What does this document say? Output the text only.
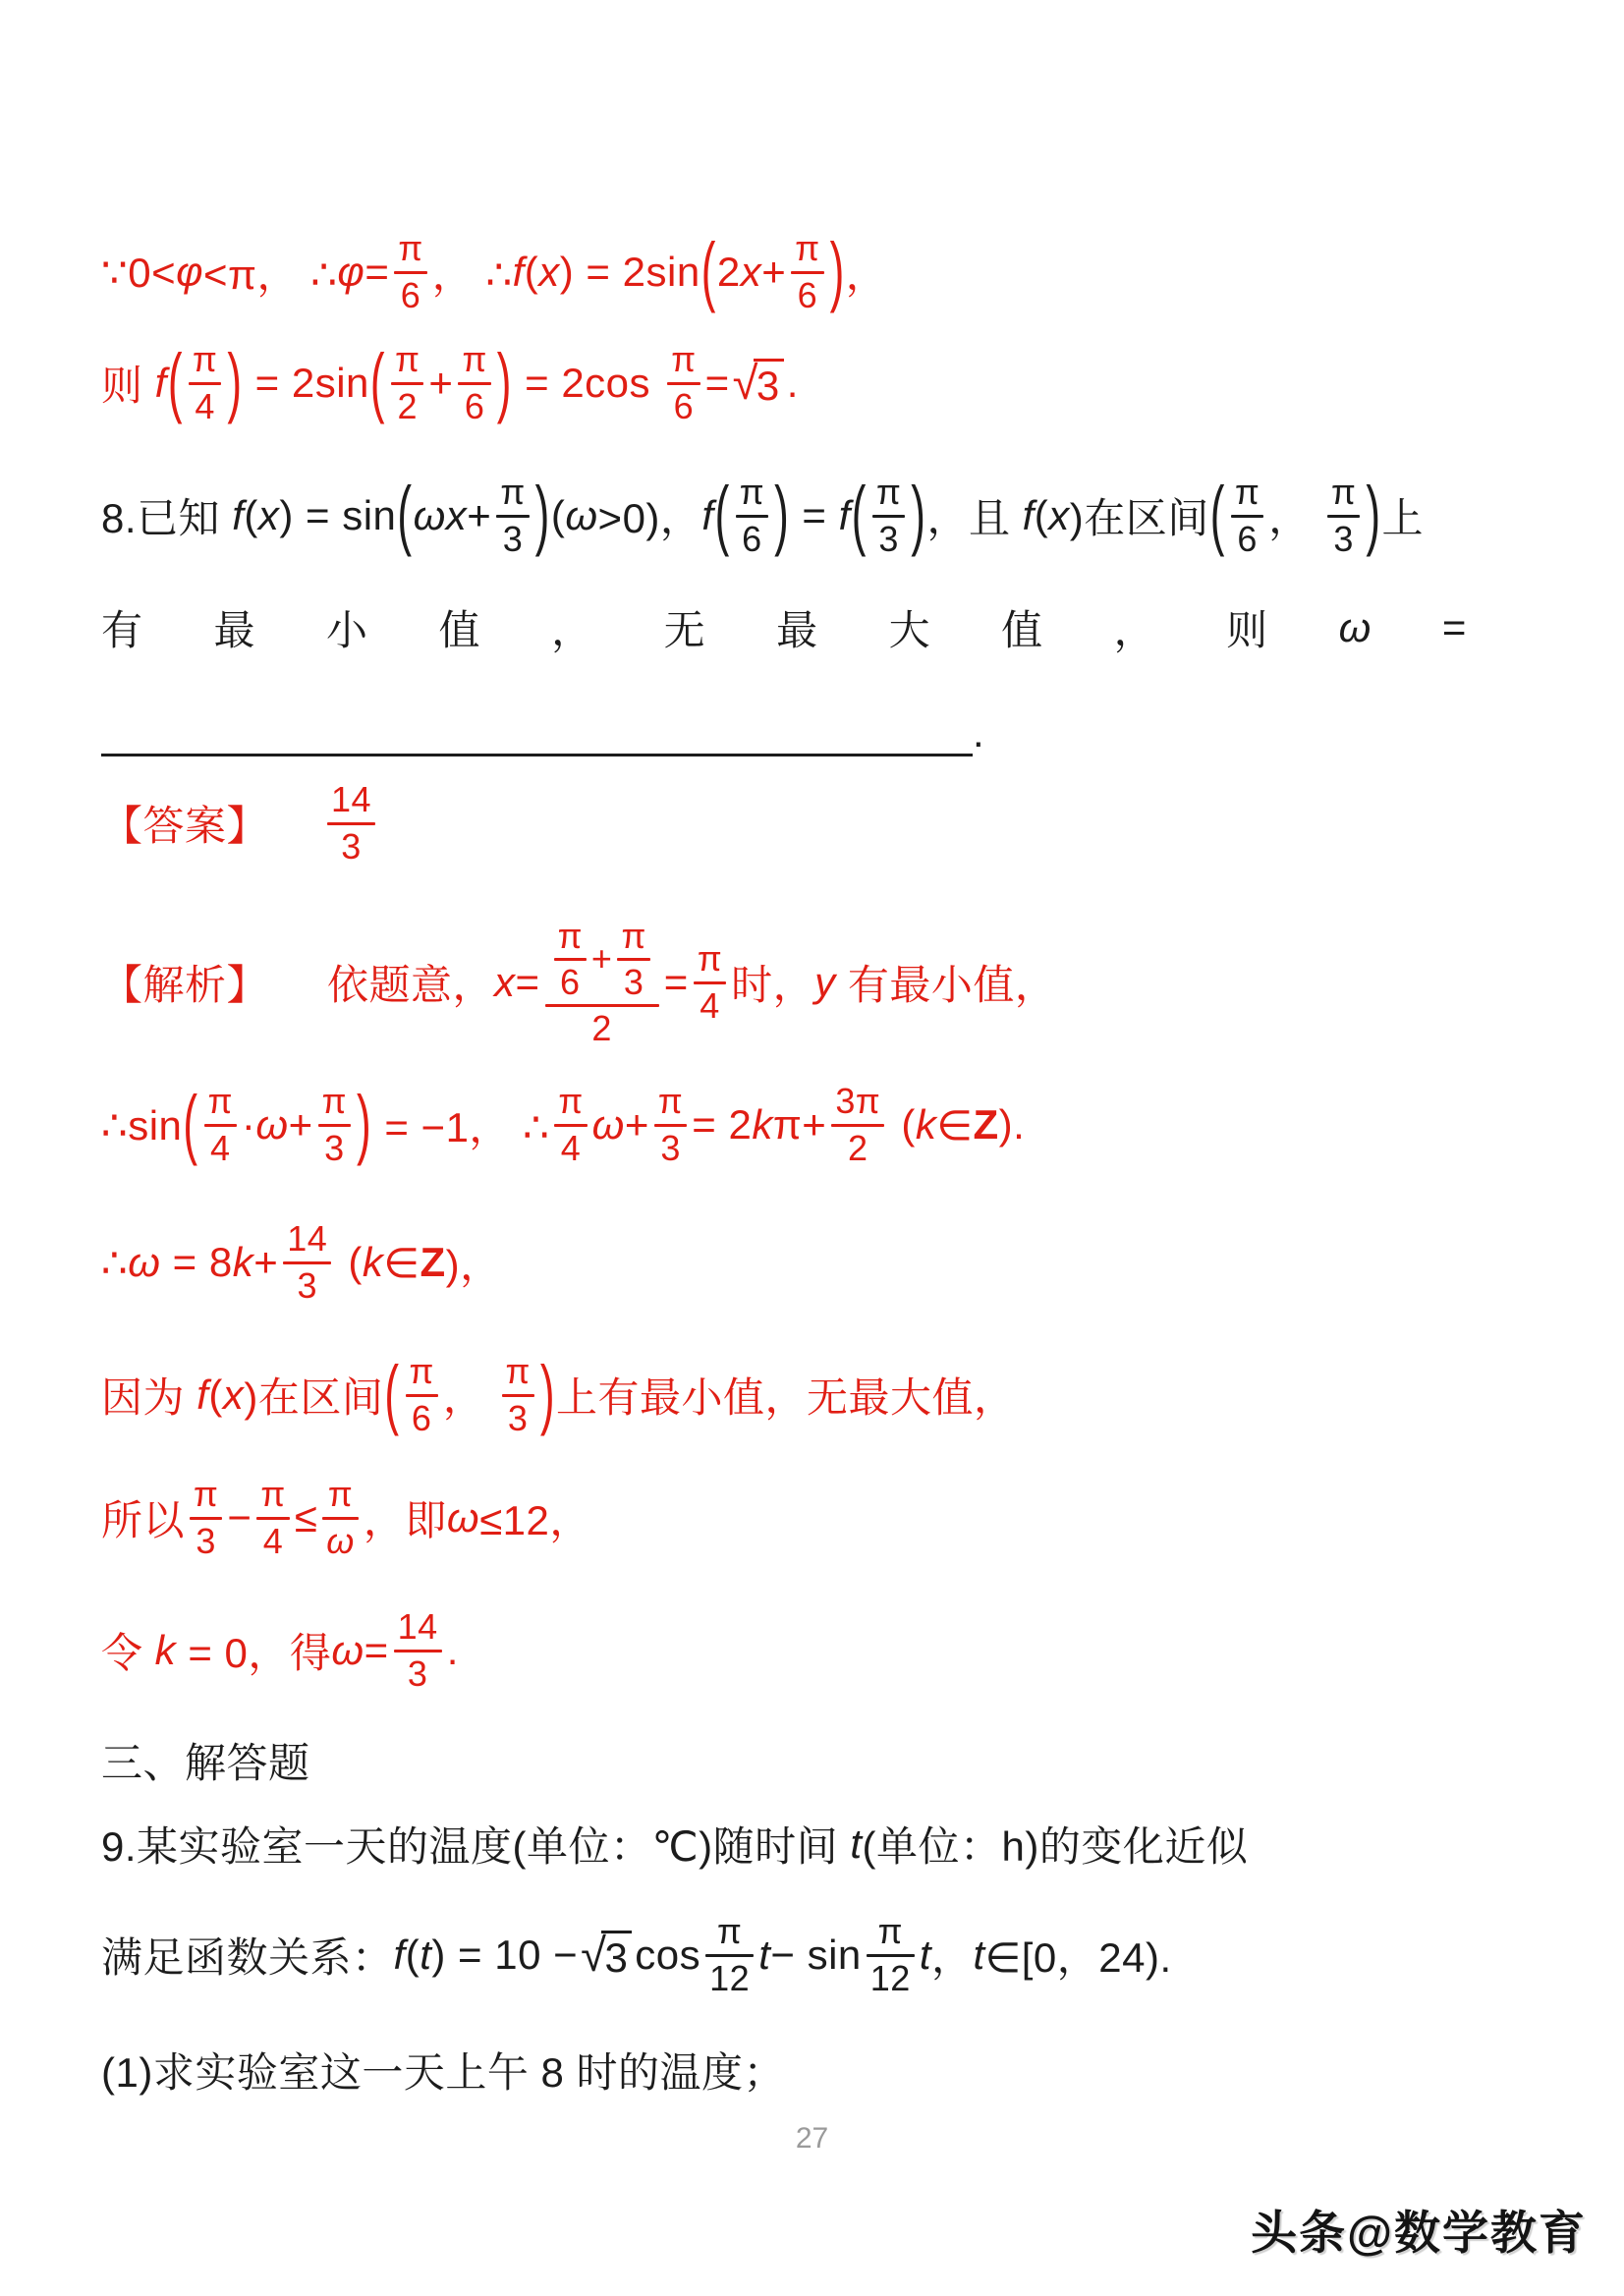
∵0< φ <π， ∴ $\varphi = \frac{\pi}{6}$ ， ∴ f ( x ) = 2sin ( 2 $x + \frac{\pi}{6}$ ) ，
则 f ( $\frac{\pi}{4}$ ) = 2sin ( $\frac{\pi}{2} + \frac{\pi}{6}$ ) = $2\cos \frac{\pi}{6}$ = √
3 .
8.已知 f ( x ) = sin ( ω $x + \frac{\pi}{3}$ ) ( ω >0)， f ( $\frac{\pi}{6}$ ) = f ( $\frac{\pi}{3}$ ) ，且 f ( x )在区间 ( $\frac{\pi}{6}$ ， $\frac{\pi}{3}$ ) 上
有 最 小 值 ， 无 最 大 值 ， 则 ω =
.
【答案】 $\frac{14}{3}$
【解析】 依题意， $x = \frac{\frac{\pi}{6} + \frac{\pi}{3}}{2} = \frac{\pi}{4}$ 时， y 有最小值，
∴sin ( $\frac{\pi}{4} \cdot \omega + \frac{\pi}{3}$ ) = −1， ∴ $\frac{\pi}{4}$ $\omega + \frac{\pi}{3} = 2$ k $\pi+ \frac{3\pi}{2}$ ( k ∈ Z ).
∴ ω = 8 $k + \frac{14}{3}$ ( k ∈ Z )，
因为 f ( x )在区间 ( $\frac{\pi}{6}$ ， $\frac{\pi}{3}$ ) 上有最小值，无最大值，
所以 $\frac{\pi}{3} - \frac{\pi}{4} \le \frac{\pi}{\omega}$ ，即 ω ≤12，
令 k = 0，得 $\omega = \frac{14}{3}$ .
三、解答题
9.某实验室一天的温度(单位：℃)随时间 t (单位：h)的变化近似
满足函数关系： f ( t ) = 10 − √
3 $\cos \frac{\pi}{12}$ $t - \sin \frac{\pi}{12}$ t ， t ∈[0，24).
(1)求实验室这一天上午 8 时的温度；
27
头条@数学教育
